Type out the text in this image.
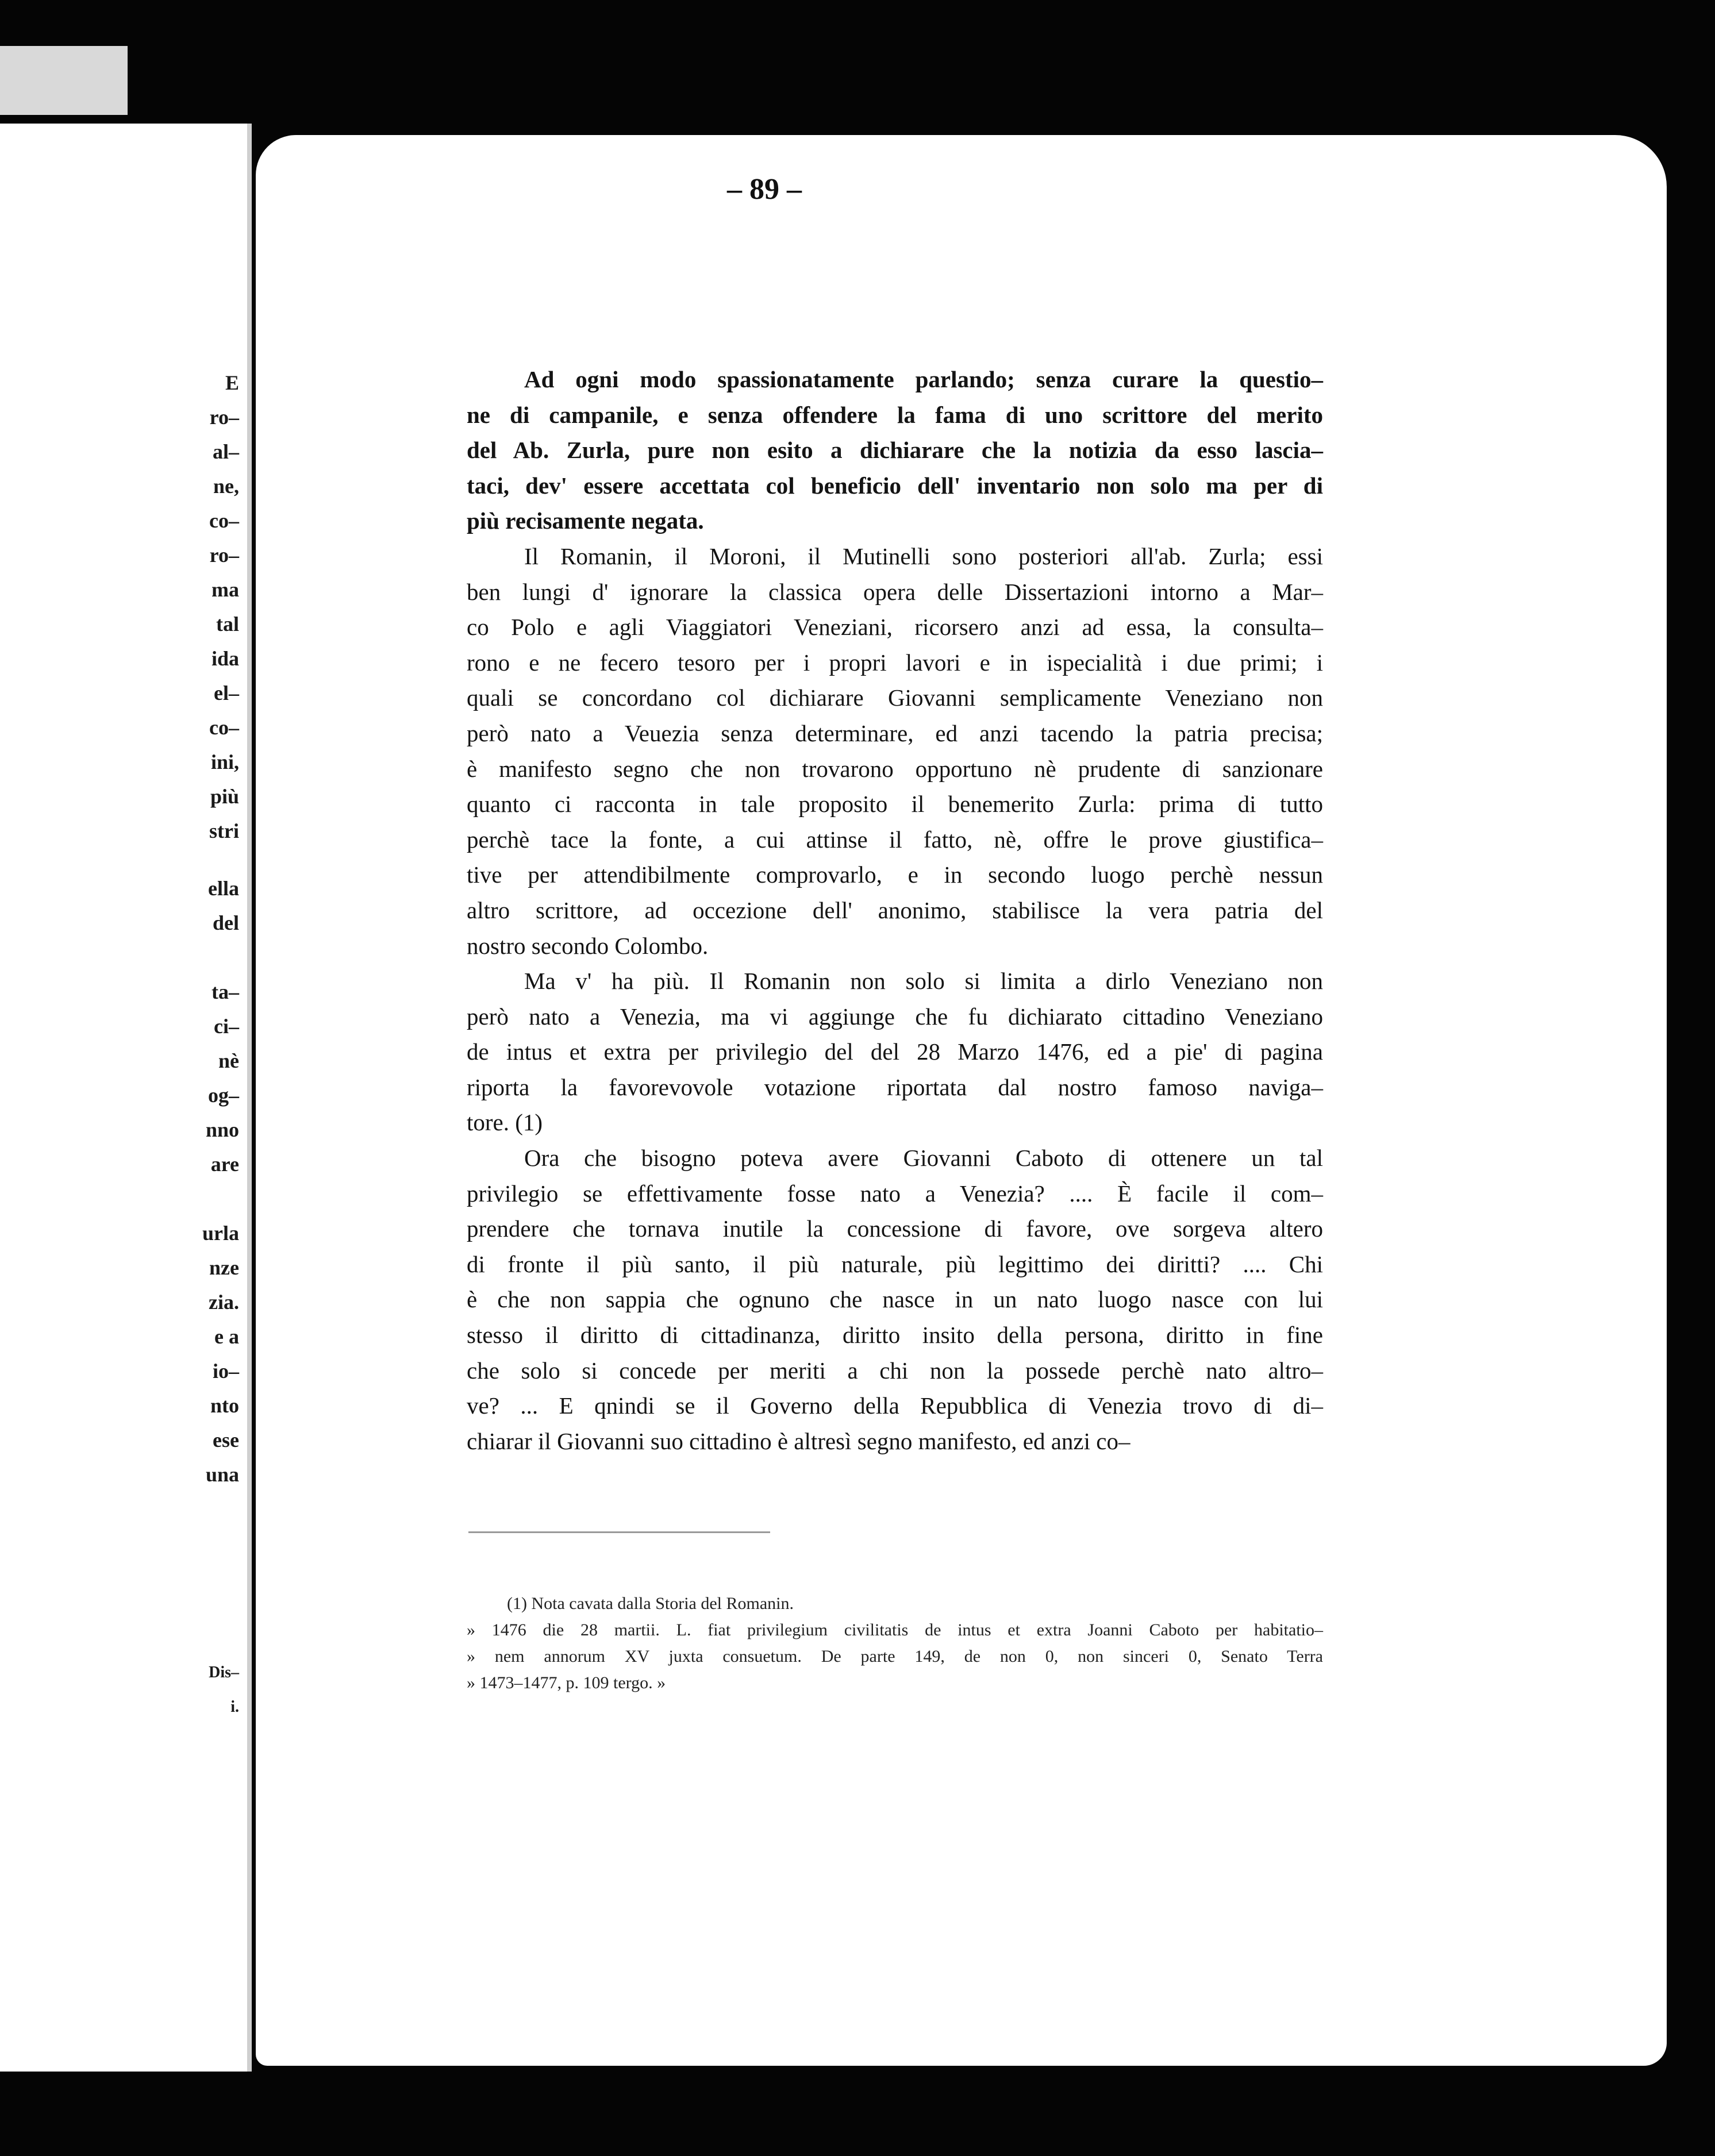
E
ro–
al–
ne,
co–
ro–
ma
tal
ida
el–
co–
ini,
più
stri
ella
del
ta–
ci–
nè
og–
nno
are
urla
nze
zia.
e a
io–
nto
ese
una
Dis–
i.
– 89 –
Ad ogni modo spassionatamente parlando; senza curare la questio–
ne di campanile, e senza offendere la fama di uno scrittore del merito
del Ab. Zurla, pure non esito a dichiarare che la notizia da esso lascia–
taci, dev' essere accettata col beneficio dell' inventario non solo ma per di
più recisamente negata.
Il Romanin, il Moroni, il Mutinelli sono posteriori all'ab. Zurla; essi
ben lungi d' ignorare la classica opera delle Dissertazioni intorno a Mar–
co Polo e agli Viaggiatori Veneziani, ricorsero anzi ad essa, la consulta–
rono e ne fecero tesoro per i propri lavori e in ispecialità i due primi; i
quali se concordano col dichiarare Giovanni semplicamente Veneziano non
però nato a Veuezia senza determinare, ed anzi tacendo la patria precisa;
è manifesto segno che non trovarono opportuno nè prudente di sanzionare
quanto ci racconta in tale proposito il benemerito Zurla: prima di tutto
perchè tace la fonte, a cui attinse il fatto, nè, offre le prove giustifica–
tive per attendibilmente comprovarlo, e in secondo luogo perchè nessun
altro scrittore, ad occezione dell' anonimo, stabilisce la vera patria del
nostro secondo Colombo.
Ma v' ha più. Il Romanin non solo si limita a dirlo Veneziano non
però nato a Venezia, ma vi aggiunge che fu dichiarato cittadino Veneziano
de intus et extra per privilegio del del 28 Marzo 1476, ed a pie' di pagina
riporta la favorevovole votazione riportata dal nostro famoso naviga–
tore. (1)
Ora che bisogno poteva avere Giovanni Caboto di ottenere un tal
privilegio se effettivamente fosse nato a Venezia? .... È facile il com–
prendere che tornava inutile la concessione di favore, ove sorgeva altero
di fronte il più santo, il più naturale, più legittimo dei diritti? .... Chi
è che non sappia che ognuno che nasce in un nato luogo nasce con lui
stesso il diritto di cittadinanza, diritto insito della persona, diritto in fine
che solo si concede per meriti a chi non la possede perchè nato altro–
ve? ... E qnindi se il Governo della Repubblica di Venezia trovo di di–
chiarar il Giovanni suo cittadino è altresì segno manifesto, ed anzi co–
(1) Nota cavata dalla Storia del Romanin.
» 1476 die 28 martii. L. fiat privilegium civilitatis de intus et extra Joanni Caboto per habitatio–
» nem annorum XV juxta consuetum. De parte 149, de non 0, non sinceri 0, Senato Terra
» 1473–1477, p. 109 tergo. »
